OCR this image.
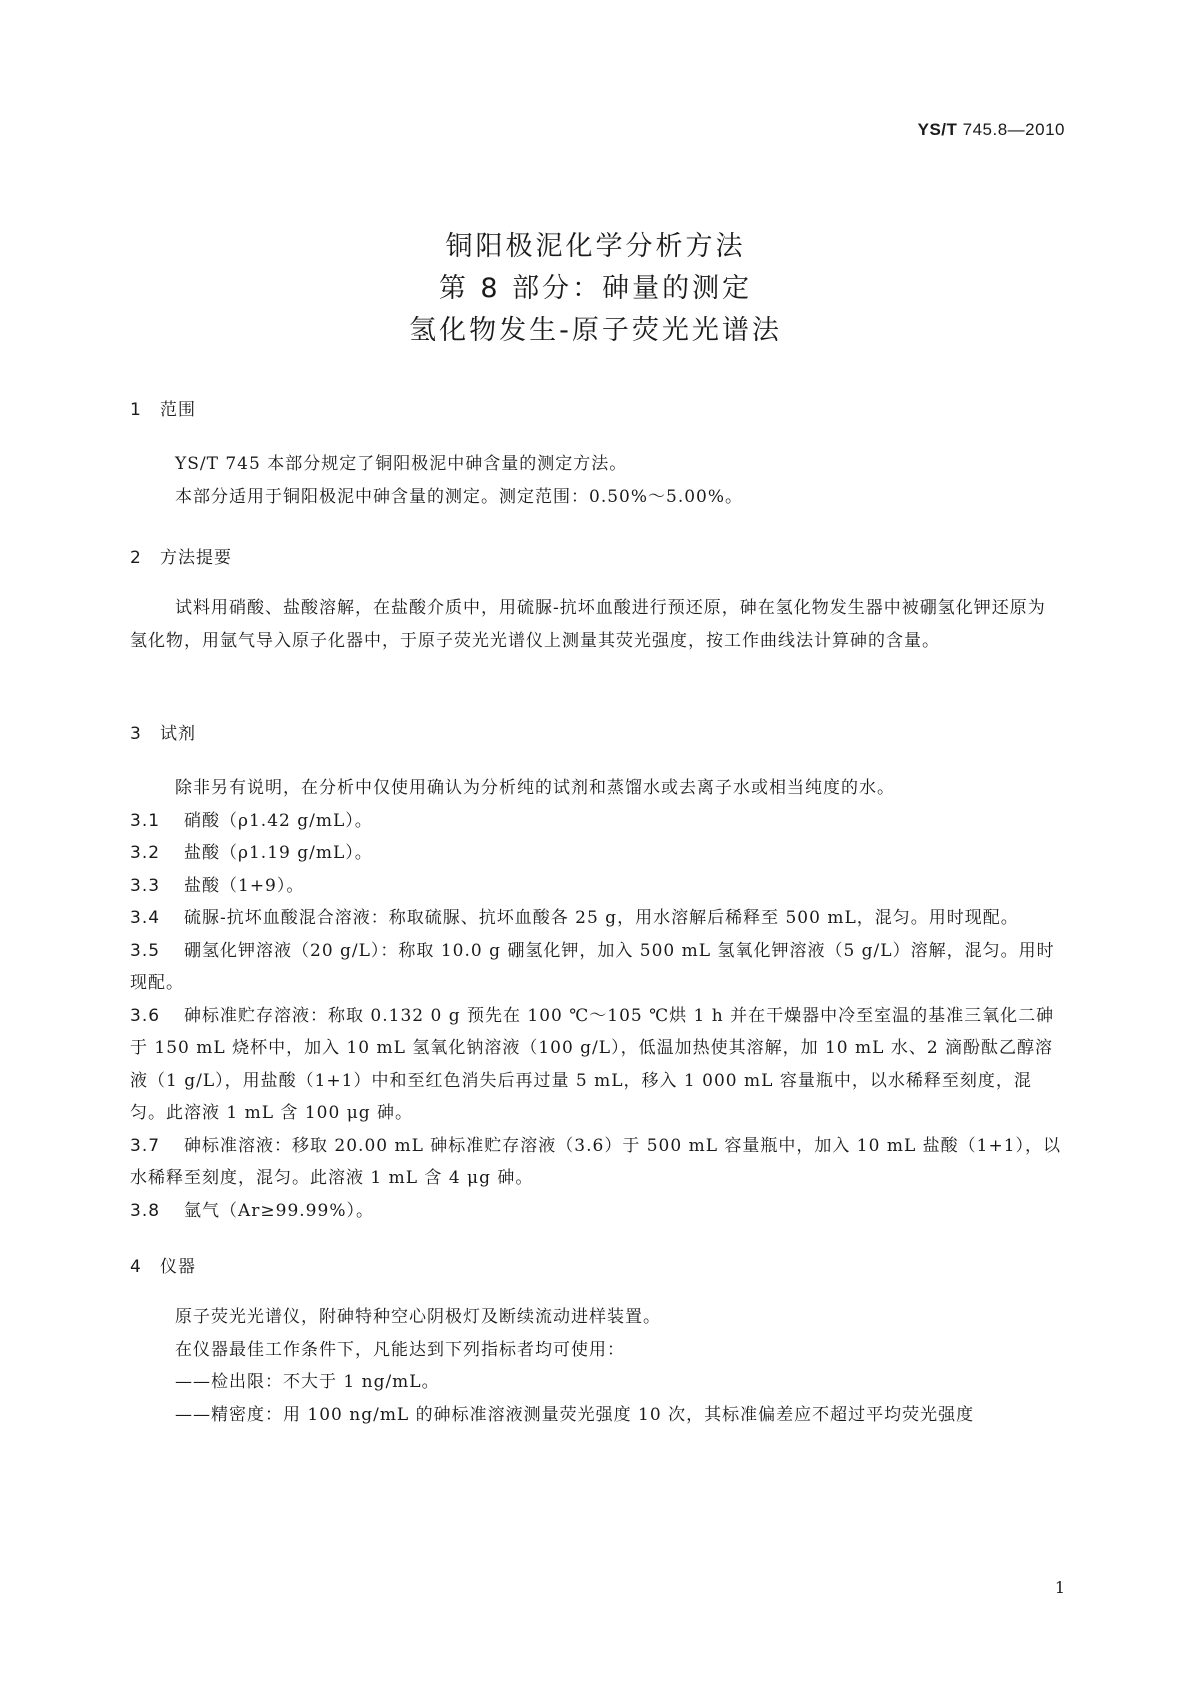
YS/T 745.8—2010
铜阳极泥化学分析方法
第 8 部分：砷量的测定
氢化物发生-原子荧光光谱法
1 范围

YS/T 745 本部分规定了铜阳极泥中砷含量的测定方法。

本部分适用于铜阳极泥中砷含量的测定。测定范围：0.50%～5.00%。

2 方法提要

试料用硝酸、盐酸溶解，在盐酸介质中，用硫脲-抗坏血酸进行预还原，砷在氢化物发生器中被硼氢化钾还原为氢化物，用氩气导入原子化器中，于原子荧光光谱仪上测量其荧光强度，按工作曲线法计算砷的含量。

3 试剂

除非另有说明，在分析中仅使用确认为分析纯的试剂和蒸馏水或去离子水或相当纯度的水。

3.1 硝酸（ρ1.42 g/mL）。

3.2 盐酸（ρ1.19 g/mL）。

3.3 盐酸（1+9）。

3.4 硫脲-抗坏血酸混合溶液：称取硫脲、抗坏血酸各 25 g，用水溶解后稀释至 500 mL，混匀。用时现配。

3.5 硼氢化钾溶液（20 g/L）：称取 10.0 g 硼氢化钾，加入 500 mL 氢氧化钾溶液（5 g/L）溶解，混匀。用时现配。

3.6 砷标准贮存溶液：称取 0.132 0 g 预先在 100 ℃～105 ℃烘 1 h 并在干燥器中冷至室温的基准三氧化二砷于 150 mL 烧杯中，加入 10 mL 氢氧化钠溶液（100 g/L），低温加热使其溶解，加 10 mL 水、2 滴酚酞乙醇溶液（1 g/L），用盐酸（1+1）中和至红色消失后再过量 5 mL，移入 1 000 mL 容量瓶中，以水稀释至刻度，混匀。此溶液 1 mL 含 100 μg 砷。

3.7 砷标准溶液：移取 20.00 mL 砷标准贮存溶液（3.6）于 500 mL 容量瓶中，加入 10 mL 盐酸（1+1），以水稀释至刻度，混匀。此溶液 1 mL 含 4 μg 砷。

3.8 氩气（Ar≥99.99%）。

4 仪器

原子荧光光谱仪，附砷特种空心阴极灯及断续流动进样装置。

在仪器最佳工作条件下，凡能达到下列指标者均可使用：

——检出限：不大于 1 ng/mL。

——精密度：用 100 ng/mL 的砷标准溶液测量荧光强度 10 次，其标准偏差应不超过平均荧光强度

1
